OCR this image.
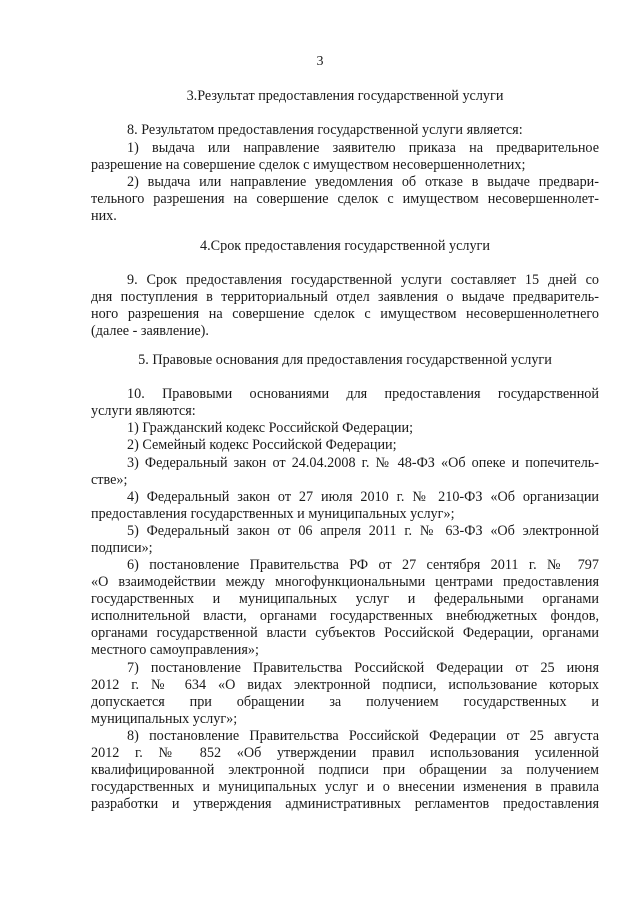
3
3.Результат предоставления государственной услуги
8. Результатом предоставления государственной услуги является:
1) выдача или направление заявителю приказа на предварительное
разрешение на совершение сделок с имуществом несовершеннолетних;
2) выдача или направление уведомления об отказе в выдаче предвари-
тельного разрешения на совершение сделок с имуществом несовершеннолет-
них.
4.Срок предоставления государственной услуги
9. Срок предоставления государственной услуги составляет 15 дней со
дня поступления в территориальный отдел заявления о выдаче предваритель-
ного разрешения на совершение сделок с имуществом несовершеннолетнего
(далее - заявление).
5. Правовые основания для предоставления государственной услуги
10. Правовыми основаниями для предоставления государственной
услуги являются:
1) Гражданский кодекс Российской Федерации;
2) Семейный кодекс Российской Федерации;
3) Федеральный закон от 24.04.2008 г. № 48-ФЗ «Об опеке и попечитель-
стве»;
4) Федеральный закон от 27 июля 2010 г. № 210-ФЗ «Об организации
предоставления государственных и муниципальных услуг»;
5) Федеральный закон от 06 апреля 2011 г. № 63-ФЗ «Об электронной
подписи»;
6) постановление Правительства РФ от 27 сентября 2011 г. № 797
«О взаимодействии между многофункциональными центрами предоставления
государственных и муниципальных услуг и федеральными органами
исполнительной власти, органами государственных внебюджетных фондов,
органами государственной власти субъектов Российской Федерации, органами
местного самоуправления»;
7) постановление Правительства Российской Федерации от 25 июня
2012 г. № 634 «О видах электронной подписи, использование которых
допускается при обращении за получением государственных и
муниципальных услуг»;
8) постановление Правительства Российской Федерации от 25 августа
2012 г. № 852 «Об утверждении правил использования усиленной
квалифицированной электронной подписи при обращении за получением
государственных и муниципальных услуг и о внесении изменения в правила
разработки и утверждения административных регламентов предоставления
